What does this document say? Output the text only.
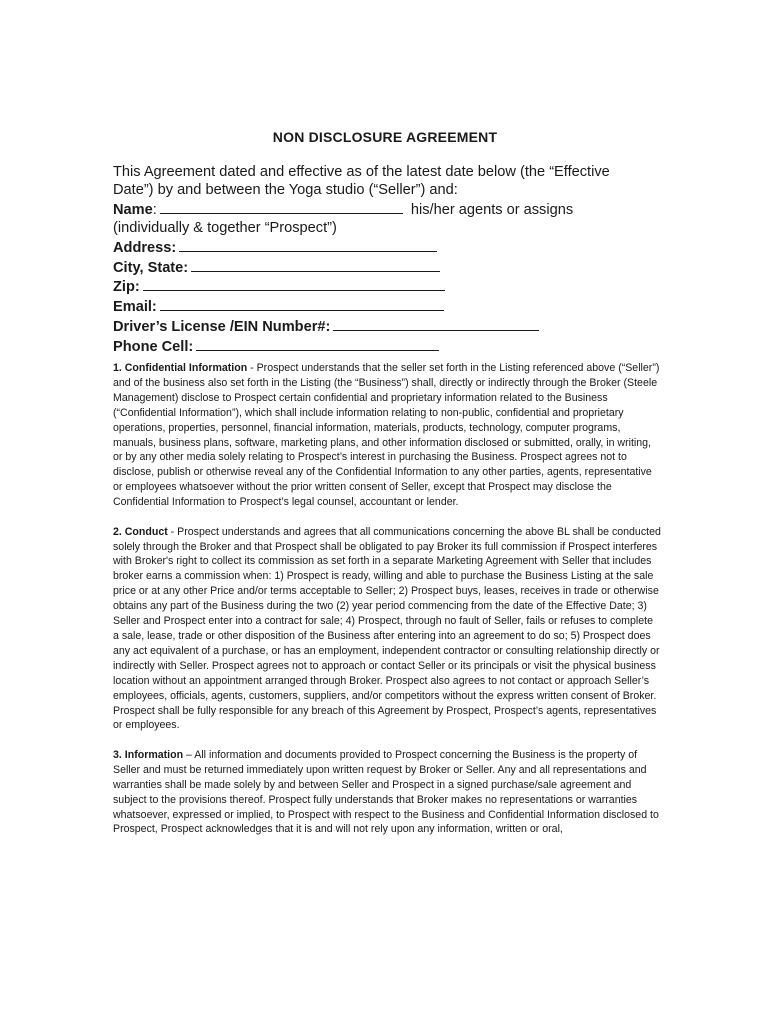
NON DISCLOSURE AGREEMENT
This Agreement dated and effective as of the latest date below (the “Effective
Date”) by and between the Yoga studio (“Seller”) and:
Name:	his/her agents or assigns
(individually & together “Prospect”)
Address:
City, State:
Zip:
Email:
Driver’s License /EIN Number#:
Phone Cell:

1. Confidential Information - Prospect understands that the seller set forth in the Listing referenced above (“Seller”) and of the business also set forth in the Listing (the “Business”) shall, directly or indirectly through the Broker (Steele Management) disclose to Prospect certain confidential and proprietary information related to the Business (“Confidential Information”), which shall include information relating to non-public, confidential and proprietary operations, properties, personnel, financial information, materials, products, technology, computer programs, manuals, business plans, software, marketing plans, and other information disclosed or submitted, orally, in writing, or by any other media solely relating to Prospect’s interest in purchasing the Business. Prospect agrees not to disclose, publish or otherwise reveal any of the Confidential Information to any other parties, agents, representative or employees whatsoever without the prior written consent of Seller, except that Prospect may disclose the Confidential Information to Prospect’s legal counsel, accountant or lender.

2. Conduct - Prospect understands and agrees that all communications concerning the above BL shall be conducted solely through the Broker and that Prospect shall be obligated to pay Broker its full commission if Prospect interferes with Broker's right to collect its commission as set forth in a separate Marketing Agreement with Seller that includes broker earns a commission when: 1) Prospect is ready, willing and able to purchase the Business Listing at the sale price or at any other Price and/or terms acceptable to Seller; 2) Prospect buys, leases, receives in trade or otherwise obtains any part of the Business during the two (2) year period commencing from the date of the Effective Date; 3) Seller and Prospect enter into a contract for sale; 4) Prospect, through no fault of Seller, fails or refuses to complete a sale, lease, trade or other disposition of the Business after entering into an agreement to do so; 5) Prospect does any act equivalent of a purchase, or has an employment, independent contractor or consulting relationship directly or indirectly with Seller. Prospect agrees not to approach or contact Seller or its principals or visit the physical business location without an appointment arranged through Broker. Prospect also agrees to not contact or approach Seller’s employees, officials, agents, customers, suppliers, and/or competitors without the express written consent of Broker. Prospect shall be fully responsible for any breach of this Agreement by Prospect, Prospect’s agents, representatives or employees.

3. Information – All information and documents provided to Prospect concerning the Business is the property of Seller and must be returned immediately upon written request by Broker or Seller. Any and all representations and warranties shall be made solely by and between Seller and Prospect in a signed purchase/sale agreement and subject to the provisions thereof. Prospect fully understands that Broker makes no representations or warranties whatsoever, expressed or implied, to Prospect with respect to the Business and Confidential Information disclosed to Prospect, Prospect acknowledges that it is and will not rely upon any information, written or oral,
